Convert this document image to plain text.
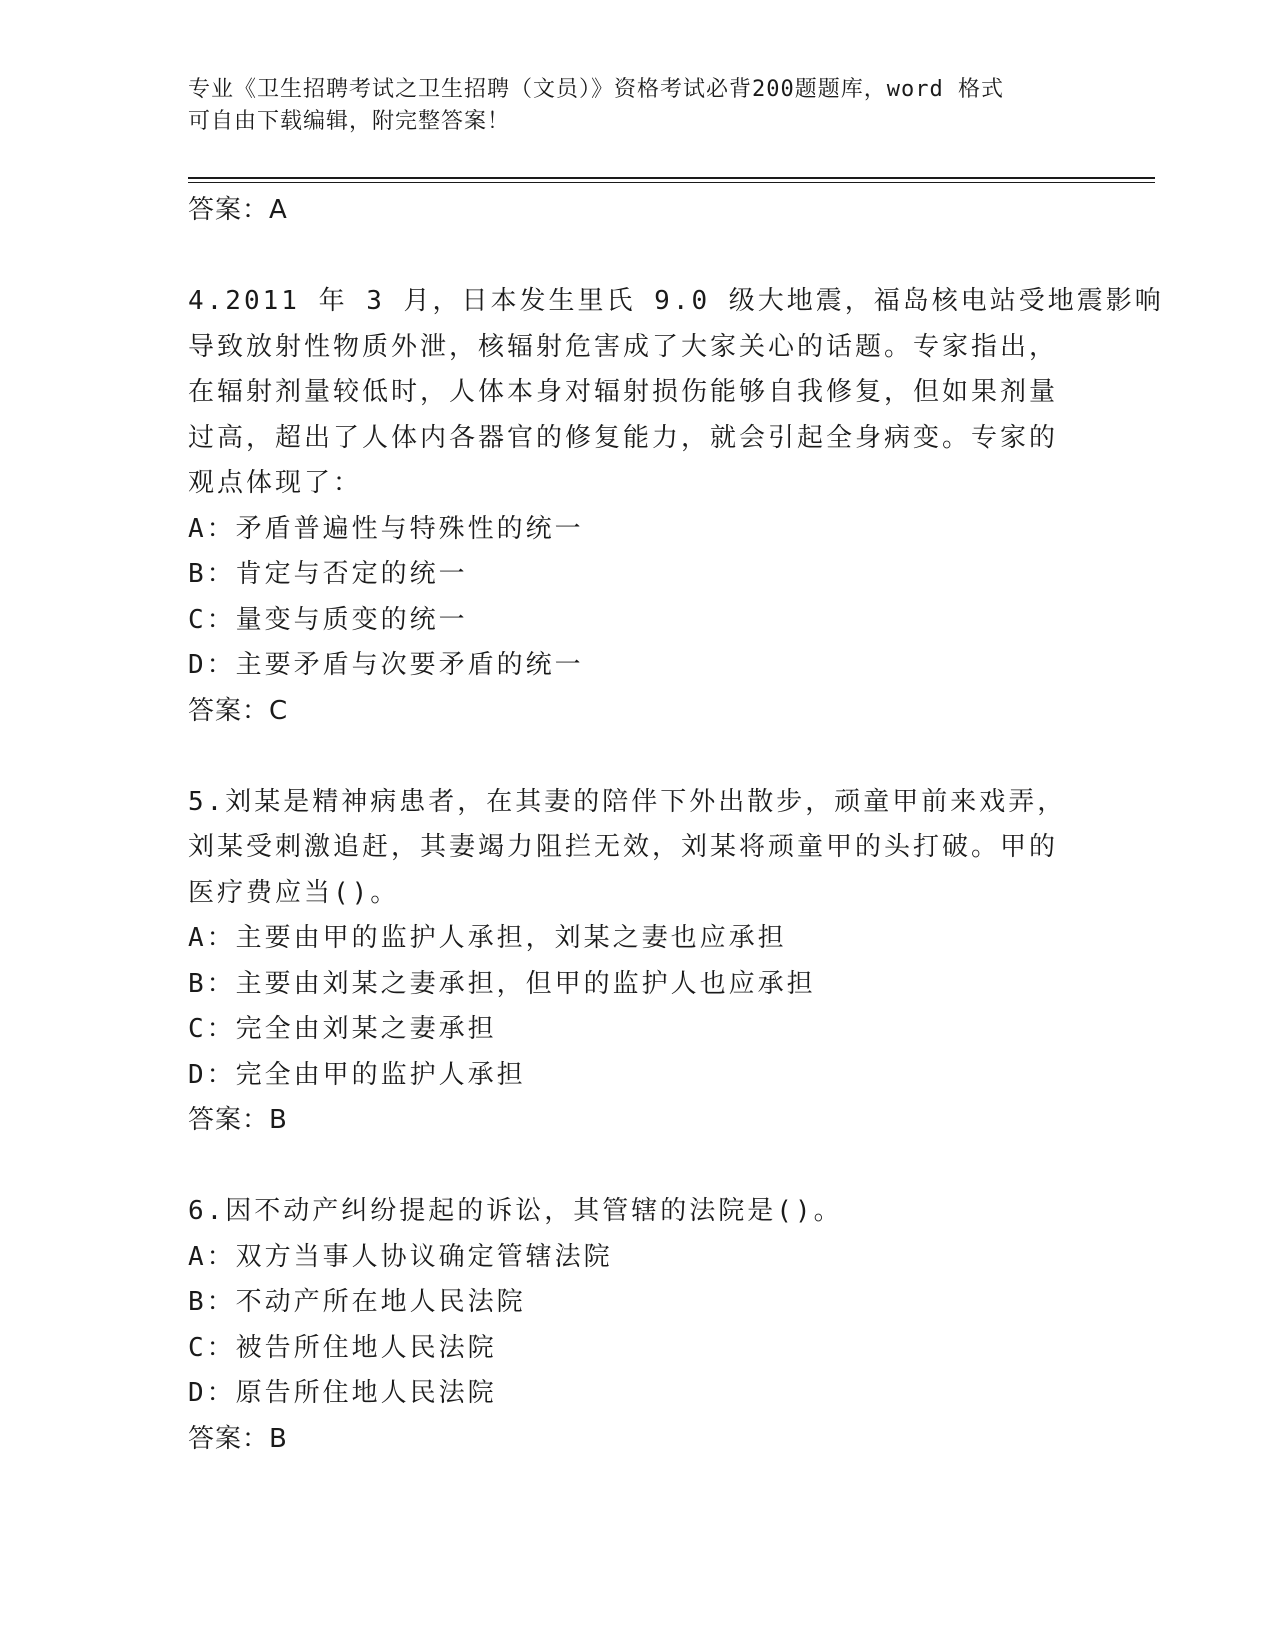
专业《卫生招聘考试之卫生招聘（文员）》资格考试必背200题题库，word 格式
可自由下载编辑，附完整答案！
答案：A
4.2011 年 3 月，日本发生里氏 9.0 级大地震，福岛核电站受地震影响
导致放射性物质外泄，核辐射危害成了大家关心的话题。专家指出，
在辐射剂量较低时，人体本身对辐射损伤能够自我修复，但如果剂量
过高，超出了人体内各器官的修复能力，就会引起全身病变。专家的
观点体现了：
A：矛盾普遍性与特殊性的统一
B：肯定与否定的统一
C：量变与质变的统一
D：主要矛盾与次要矛盾的统一
答案：C
5.刘某是精神病患者，在其妻的陪伴下外出散步，顽童甲前来戏弄，
刘某受刺激追赶，其妻竭力阻拦无效，刘某将顽童甲的头打破。甲的
医疗费应当()。
A：主要由甲的监护人承担，刘某之妻也应承担
B：主要由刘某之妻承担，但甲的监护人也应承担
C：完全由刘某之妻承担
D：完全由甲的监护人承担
答案：B
6.因不动产纠纷提起的诉讼，其管辖的法院是()。
A：双方当事人协议确定管辖法院
B：不动产所在地人民法院
C：被告所住地人民法院
D：原告所住地人民法院
答案：B
